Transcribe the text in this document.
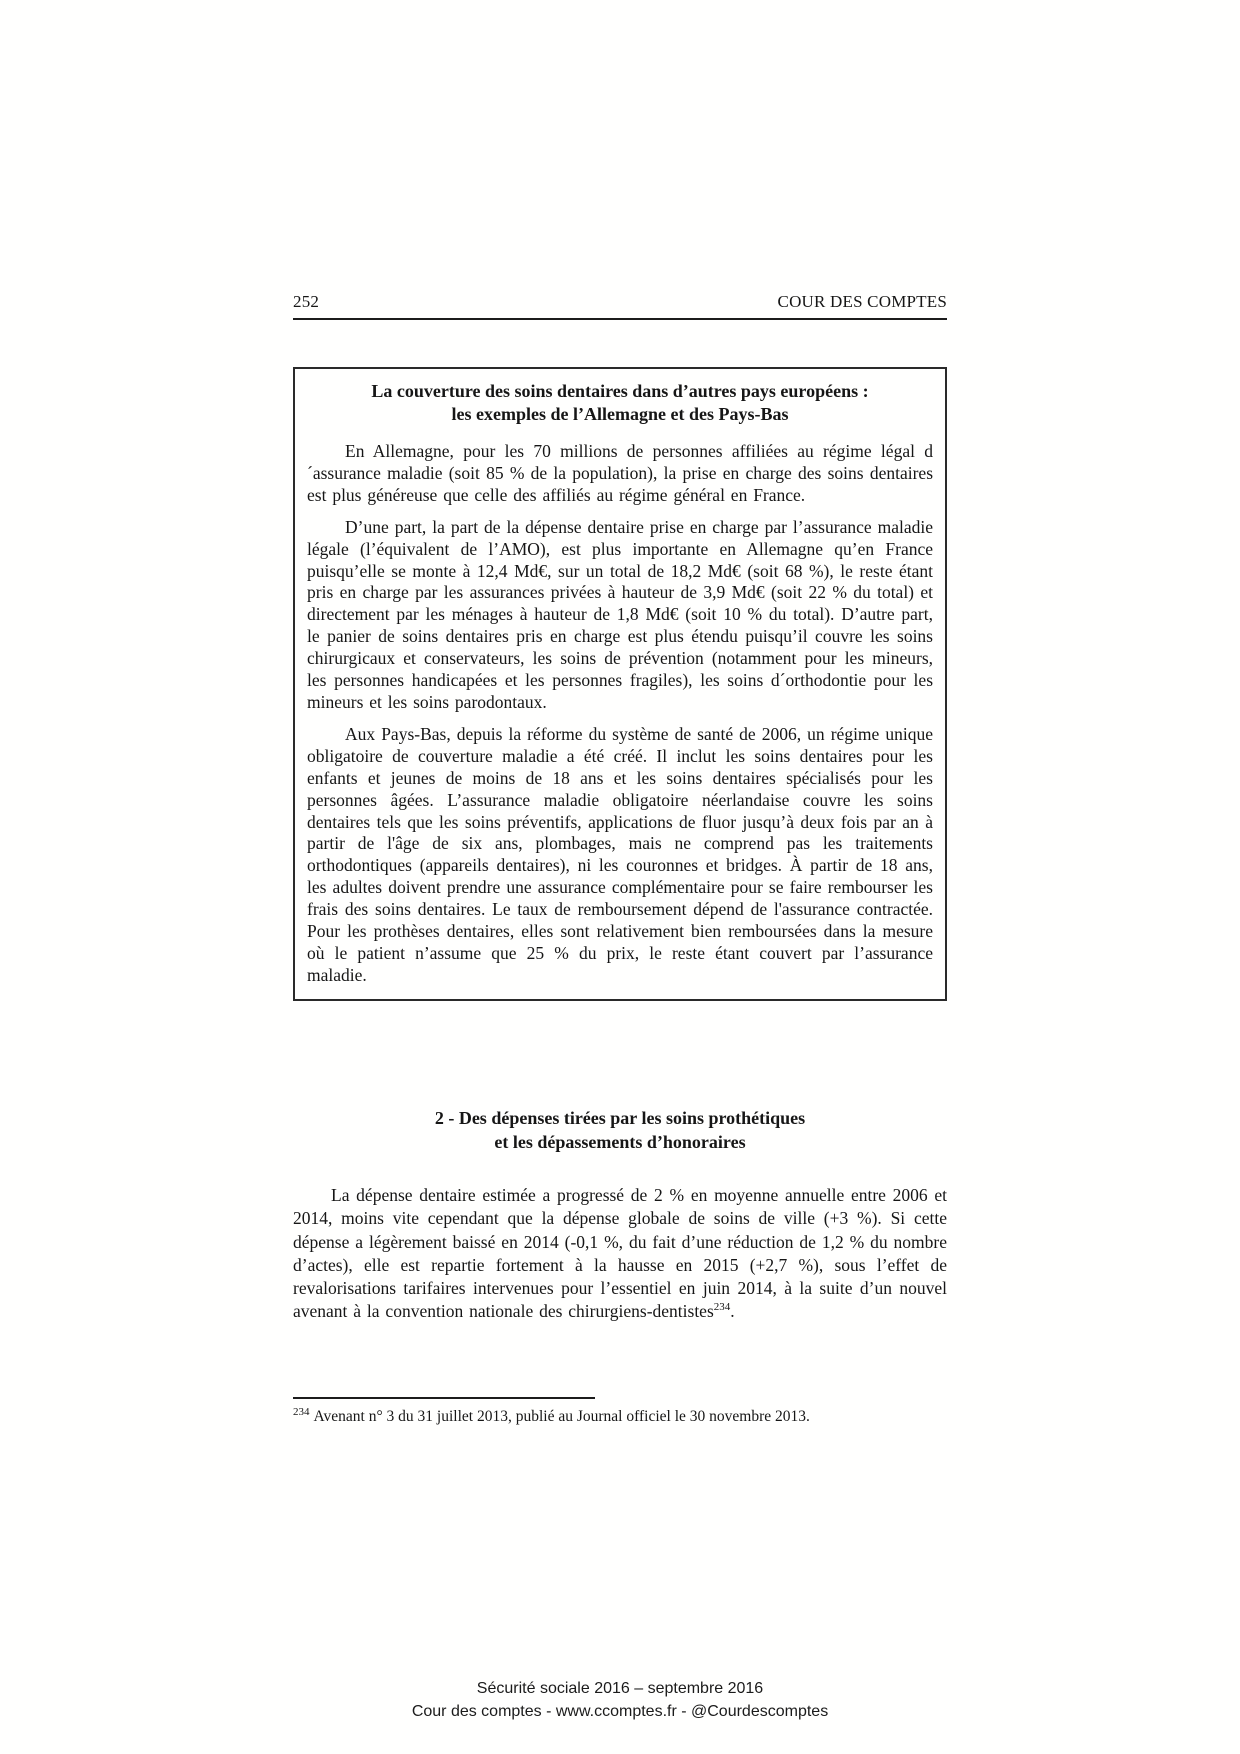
252	COUR DES COMPTES
La couverture des soins dentaires dans d’autres pays européens :
les exemples de l’Allemagne et des Pays-Bas

En Allemagne, pour les 70 millions de personnes affiliées au régime légal d´assurance maladie (soit 85 % de la population), la prise en charge des soins dentaires est plus généreuse que celle des affiliés au régime général en France.

D’une part, la part de la dépense dentaire prise en charge par l’assurance maladie légale (l’équivalent de l’AMO), est plus importante en Allemagne qu’en France puisqu’elle se monte à 12,4 Md€, sur un total de 18,2 Md€ (soit 68 %), le reste étant pris en charge par les assurances privées à hauteur de 3,9 Md€ (soit 22 % du total) et directement par les ménages à hauteur de 1,8 Md€ (soit 10 % du total). D’autre part, le panier de soins dentaires pris en charge est plus étendu puisqu’il couvre les soins chirurgicaux et conservateurs, les soins de prévention (notamment pour les mineurs, les personnes handicapées et les personnes fragiles), les soins d´orthodontie pour les mineurs et les soins parodontaux.

Aux Pays-Bas, depuis la réforme du système de santé de 2006, un régime unique obligatoire de couverture maladie a été créé. Il inclut les soins dentaires pour les enfants et jeunes de moins de 18 ans et les soins dentaires spécialisés pour les personnes âgées. L’assurance maladie obligatoire néerlandaise couvre les soins dentaires tels que les soins préventifs, applications de fluor jusqu’à deux fois par an à partir de l'âge de six ans, plombages, mais ne comprend pas les traitements orthodontiques (appareils dentaires), ni les couronnes et bridges. À partir de 18 ans, les adultes doivent prendre une assurance complémentaire pour se faire rembourser les frais des soins dentaires. Le taux de remboursement dépend de l'assurance contractée. Pour les prothèses dentaires, elles sont relativement bien remboursées dans la mesure où le patient n’assume que 25 % du prix, le reste étant couvert par l’assurance maladie.

2 - Des dépenses tirées par les soins prothétiques
et les dépassements d’honoraires

La dépense dentaire estimée a progressé de 2 % en moyenne annuelle entre 2006 et 2014, moins vite cependant que la dépense globale de soins de ville (+3 %). Si cette dépense a légèrement baissé en 2014 (-0,1 %, du fait d’une réduction de 1,2 % du nombre d’actes), elle est repartie fortement à la hausse en 2015 (+2,7 %), sous l’effet de revalorisations tarifaires intervenues pour l’essentiel en juin 2014, à la suite d’un nouvel avenant à la convention nationale des chirurgiens-dentistes$^{234}$.

$^{234}$ Avenant n° 3 du 31 juillet 2013, publié au Journal officiel le 30 novembre 2013.

Sécurité sociale 2016 – septembre 2016
Cour des comptes - www.ccomptes.fr - @Courdescomptes
